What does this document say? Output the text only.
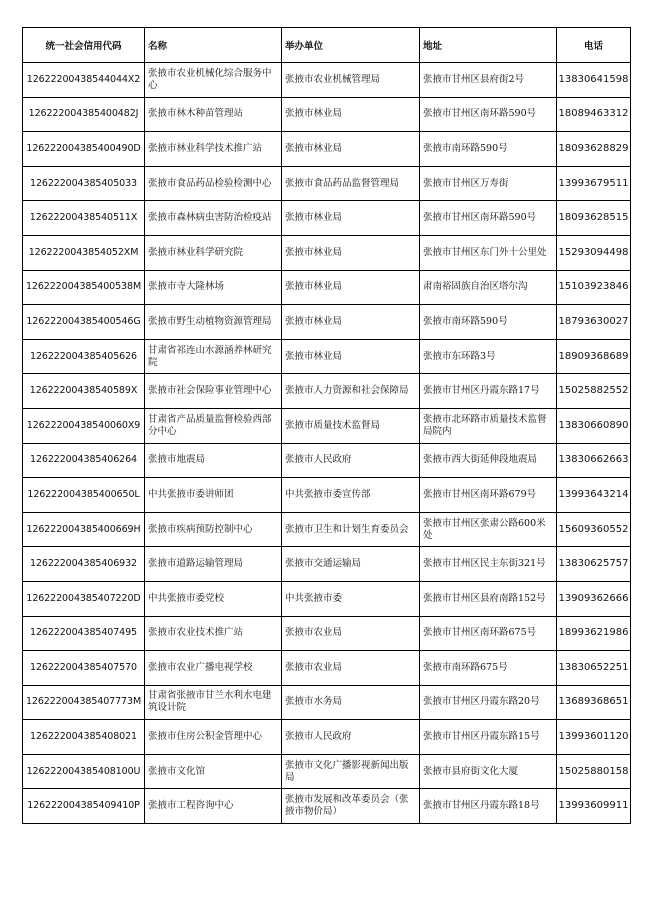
统一社会信用代码	名称	举办单位	地址	电话
12622200438544044X2	张掖市农业机械化综合服务中心	张掖市农业机械管理局	张掖市甘州区县府街2号	13830641598
126222004385400482J	张掖市林木种苗管理站	张掖市林业局	张掖市甘州区南环路590号	18089463312
126222004385400490D	张掖市林业科学技术推广站	张掖市林业局	张掖市南环路590号	18093628829
126222004385405033	张掖市食品药品检验检测中心	张掖市食品药品监督管理局	张掖市甘州区万寿街	13993679511
12622200438540511X	张掖市森林病虫害防治检疫站	张掖市林业局	张掖市甘州区南环路590号	18093628515
1262220043854052XM	张掖市林业科学研究院	张掖市林业局	张掖市甘州区东门外十公里处	15293094498
126222004385400538M	张掖市寺大隆林场	张掖市林业局	肃南裕固族自治区塔尔沟	15103923846
126222004385400546G	张掖市野生动植物资源管理局	张掖市林业局	张掖市南环路590号	18793630027
126222004385405626	甘肃省祁连山水源涵养林研究院	张掖市林业局	张掖市东环路3号	18909368689
12622200438540589X	张掖市社会保险事业管理中心	张掖市人力资源和社会保障局	张掖市甘州区丹霞东路17号	15025882552
12622200438540060X9	甘肃省产品质量监督检验西部分中心	张掖市质量技术监督局	张掖市北环路市质量技术监督局院内	13830660890
126222004385406264	张掖市地震局	张掖市人民政府	张掖市西大街延伸段地震局	13830662663
126222004385400650L	中共张掖市委讲师团	中共张掖市委宣传部	张掖市甘州区南环路679号	13993643214
126222004385400669H	张掖市疾病预防控制中心	张掖市卫生和计划生育委员会	张掖市甘州区张肃公路600米处	15609360552
126222004385406932	张掖市道路运输管理局	张掖市交通运输局	张掖市甘州区民主东街321号	13830625757
126222004385407220D	中共张掖市委党校	中共张掖市委	张掖市甘州区县府南路152号	13909362666
126222004385407495	张掖市农业技术推广站	张掖市农业局	张掖市甘州区南环路675号	18993621986
126222004385407570	张掖市农业广播电视学校	张掖市农业局	张掖市南环路675号	13830652251
126222004385407773M	甘肃省张掖市甘兰水利水电建筑设计院	张掖市水务局	张掖市甘州区丹霞东路20号	13689368651
126222004385408021	张掖市住房公积金管理中心	张掖市人民政府	张掖市甘州区丹霞东路15号	13993601120
126222004385408100U	张掖市文化馆	张掖市文化广播影视新闻出版局	张掖市县府街文化大厦	15025880158
126222004385409410P	张掖市工程咨询中心	张掖市发展和改革委员会（张掖市物价局）	张掖市甘州区丹霞东路18号	13993609911
